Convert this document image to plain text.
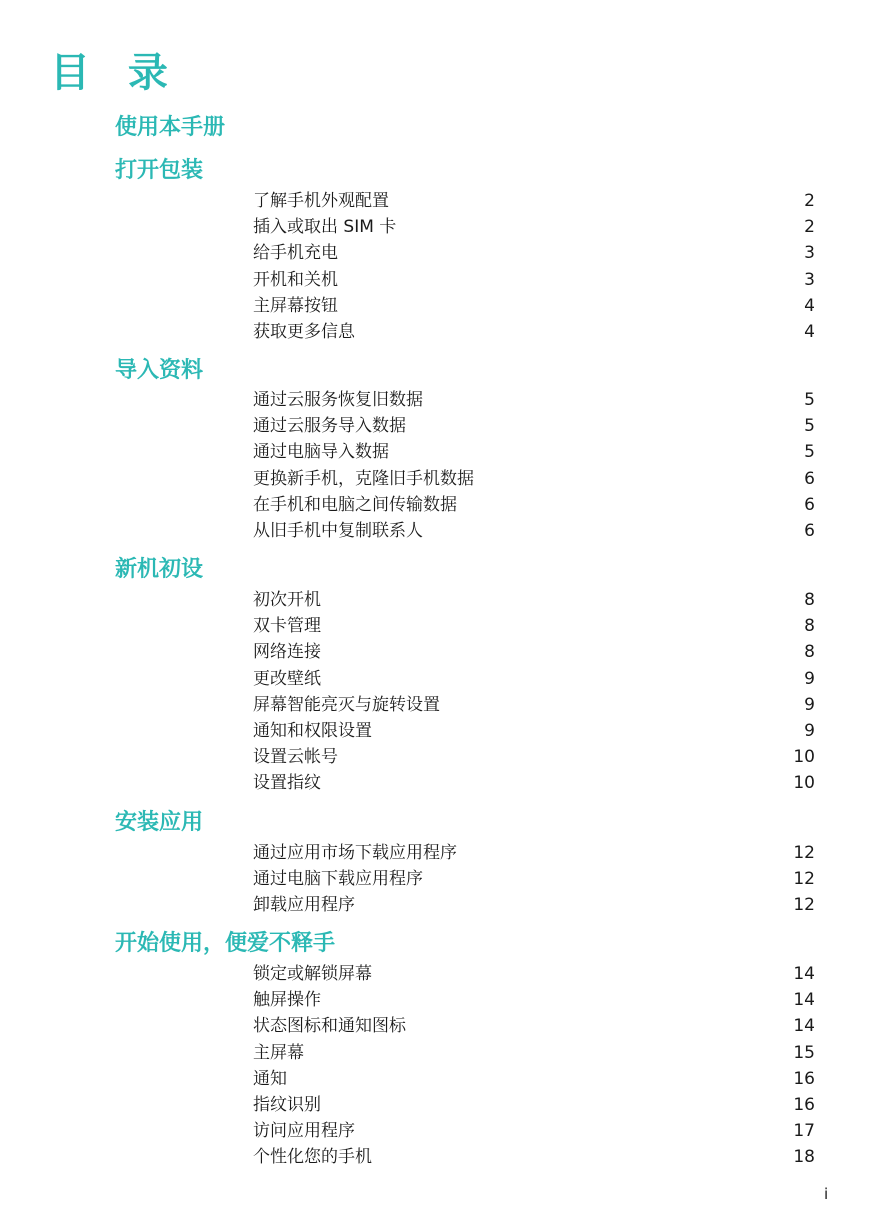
目 录
使用本手册
打开包装
了解手机外观配置	2
插入或取出 SIM 卡	2
给手机充电	3
开机和关机	3
主屏幕按钮	4
获取更多信息	4
导入资料
通过云服务恢复旧数据	5
通过云服务导入数据	5
通过电脑导入数据	5
更换新手机，克隆旧手机数据	6
在手机和电脑之间传输数据	6
从旧手机中复制联系人	6
新机初设
初次开机	8
双卡管理	8
网络连接	8
更改壁纸	9
屏幕智能亮灭与旋转设置	9
通知和权限设置	9
设置云帐号	10
设置指纹	10
安装应用
通过应用市场下载应用程序	12
通过电脑下载应用程序	12
卸载应用程序	12
开始使用，便爱不释手
锁定或解锁屏幕	14
触屏操作	14
状态图标和通知图标	14
主屏幕	15
通知	16
指纹识别	16
访问应用程序	17
个性化您的手机	18
i
